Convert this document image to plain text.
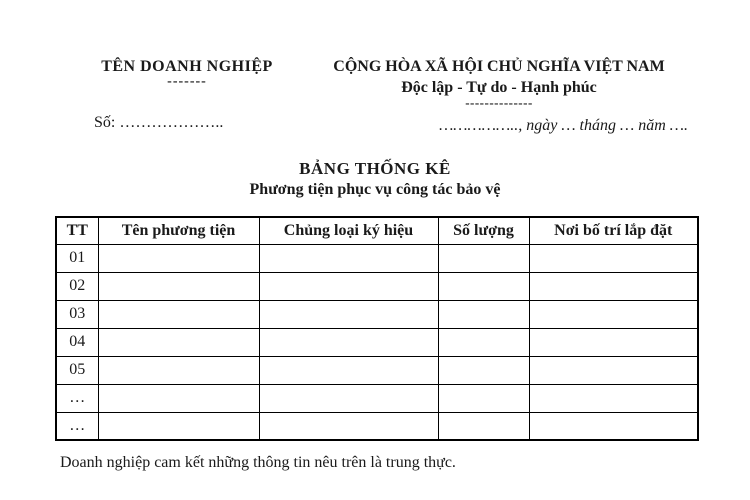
TÊN DOANH NGHIỆP
-------
Số: ………………..
CỘNG HÒA XÃ HỘI CHỦ NGHĨA VIỆT NAM
Độc lập - Tự do - Hạnh phúc
--------------
…………….., ngày … tháng … năm ….
BẢNG THỐNG KÊ
Phương tiện phục vụ công tác bảo vệ
TT	Tên phương tiện	Chủng loại ký hiệu	Số lượng	Nơi bố trí lắp đặt
01				
02				
03				
04				
05				
…				
…				

Doanh nghiệp cam kết những thông tin nêu trên là trung thực.
